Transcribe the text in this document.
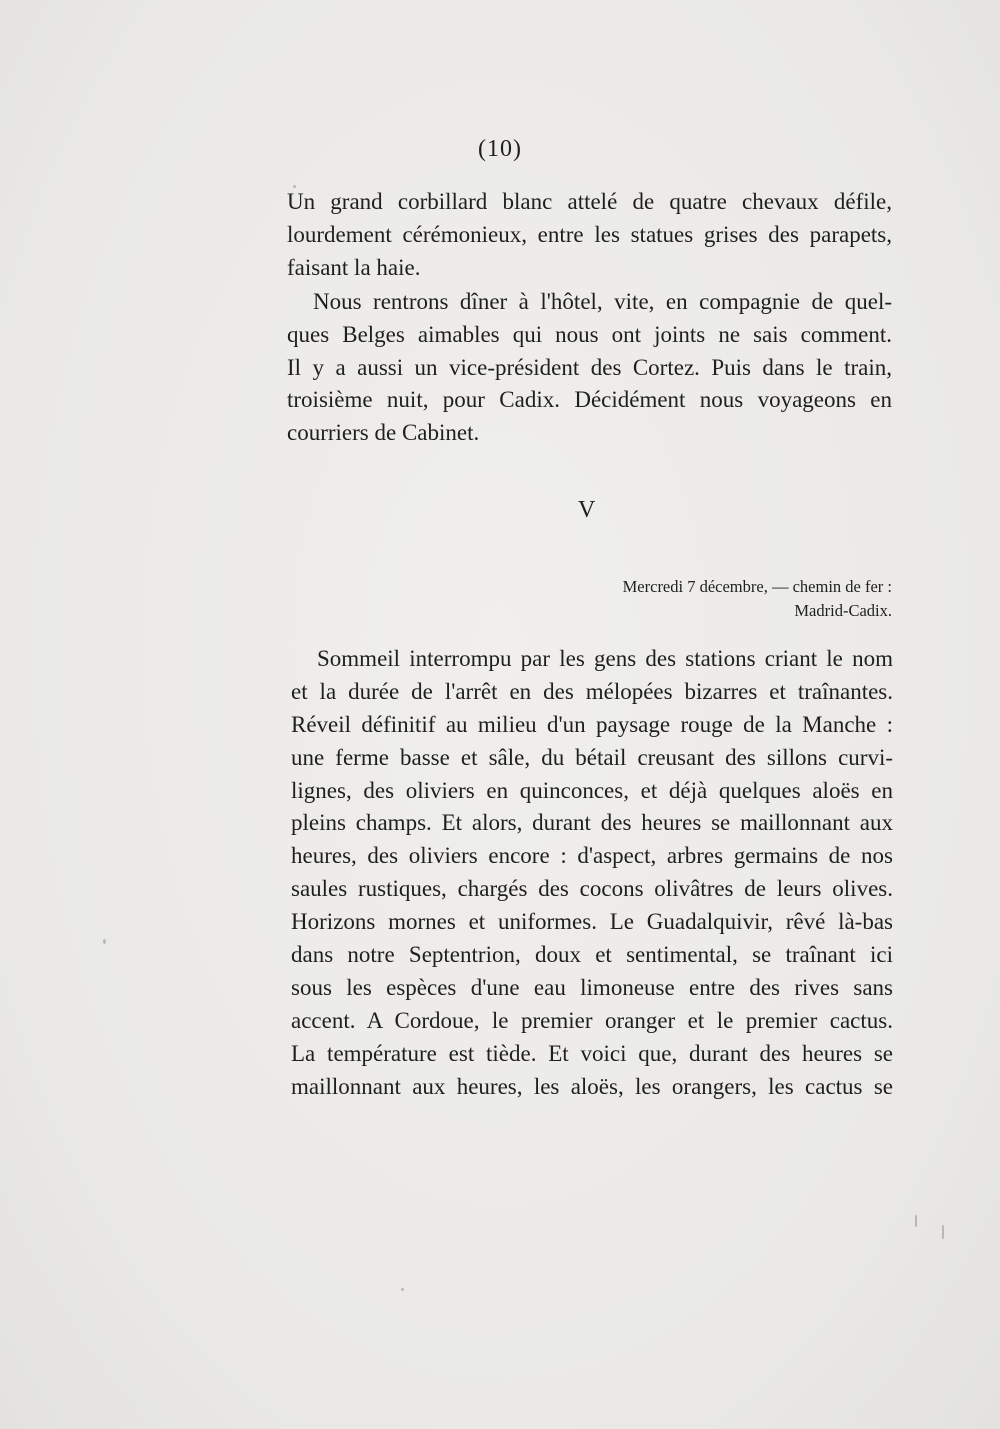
(10)
Un grand corbillard blanc attelé de quatre chevaux défile,
lourdement cérémonieux, entre les statues grises des parapets,
faisant la haie.
Nous rentrons dîner à l'hôtel, vite, en compagnie de quel-
ques Belges aimables qui nous ont joints ne sais comment.
Il y a aussi un vice-président des Cortez. Puis dans le train,
troisième nuit, pour Cadix. Décidément nous voyageons en
courriers de Cabinet.
V
Mercredi 7 décembre, — chemin de fer :
Madrid-Cadix.
Sommeil interrompu par les gens des stations criant le nom
et la durée de l'arrêt en des mélopées bizarres et traînantes.
Réveil définitif au milieu d'un paysage rouge de la Manche :
une ferme basse et sâle, du bétail creusant des sillons curvi-
lignes, des oliviers en quinconces, et déjà quelques aloës en
pleins champs. Et alors, durant des heures se maillonnant aux
heures, des oliviers encore : d'aspect, arbres germains de nos
saules rustiques, chargés des cocons olivâtres de leurs olives.
Horizons mornes et uniformes. Le Guadalquivir, rêvé là-bas
dans notre Septentrion, doux et sentimental, se traînant ici
sous les espèces d'une eau limoneuse entre des rives sans
accent. A Cordoue, le premier oranger et le premier cactus.
La température est tiède. Et voici que, durant des heures se
maillonnant aux heures, les aloës, les orangers, les cactus se
